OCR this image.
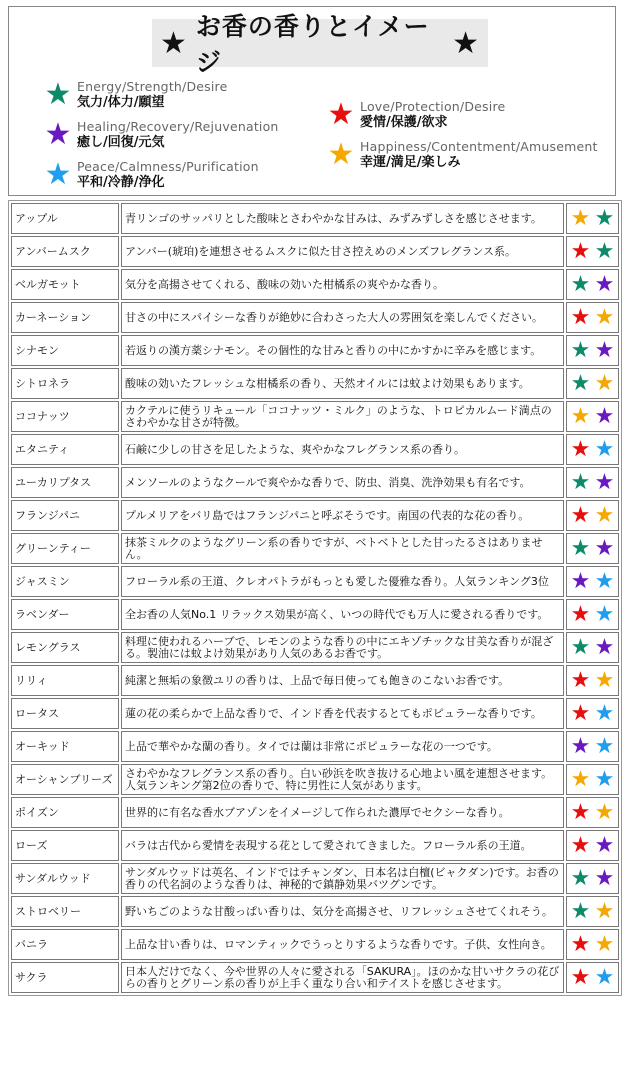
★ お香の香りとイメージ
★
★ Energy/Strength/Desire
気力/体力/願望
★ Healing/Recovery/Rejuvenation
癒し/回復/元気
★ Peace/Calmness/Purification
平和/冷静/浄化
★ Love/Protection/Desire
愛情/保護/欲求
★ Happiness/Contentment/Amusement
幸運/満足/楽しみ
アップル	青リンゴのサッパリとした酸味とさわやかな甘みは、みずみずしさを感じさせます。	★ ★
アンバームスク	アンバー(琥珀)を連想させるムスクに似た甘さ控えめのメンズフレグランス系。	★ ★
ベルガモット	気分を高揚させてくれる、酸味の効いた柑橘系の爽やかな香り。	★ ★
カーネーション	甘さの中にスパイシーな香りが絶妙に合わさった大人の雰囲気を楽しんでください。	★ ★
シナモン	若返りの漢方薬シナモン。その個性的な甘みと香りの中にかすかに辛みを感じます。	★ ★
シトロネラ	酸味の効いたフレッシュな柑橘系の香り、天然オイルには蚊よけ効果もあります。	★ ★
ココナッツ	カクテルに使うリキュール「ココナッツ・ミルク」のような、トロピカルムード満点のさわやかな甘さが特徴。	★ ★
エタニティ	石鹸に少しの甘さを足したような、爽やかなフレグランス系の香り。	★ ★
ユーカリプタス	メンソールのようなクールで爽やかな香りで、防虫、消臭、洗浄効果も有名です。	★ ★
フランジパニ	プルメリアをバリ島ではフランジパニと呼ぶそうです。南国の代表的な花の香り。	★ ★
グリーンティー	抹茶ミルクのようなグリーン系の香りですが、ベトベトとした甘ったるさはありません。	★ ★
ジャスミン	フローラル系の王道、クレオパトラがもっとも愛した優雅な香り。人気ランキング3位	★ ★
ラベンダー	全お香の人気No.1 リラックス効果が高く、いつの時代でも万人に愛される香りです。	★ ★
レモングラス	料理に使われるハーブで、レモンのような香りの中にエキゾチックな甘美な香りが混ざる。製油には蚊よけ効果があり人気のあるお香です。	★ ★
リリィ	純潔と無垢の象徴ユリの香りは、上品で毎日使っても飽きのこないお香です。	★ ★
ロータス	蓮の花の柔らかで上品な香りで、インド香を代表するとてもポピュラーな香りです。	★ ★
オーキッド	上品で華やかな蘭の香り。タイでは蘭は非常にポピュラーな花の一つです。	★ ★
オーシャンブリーズ	さわやかなフレグランス系の香り。白い砂浜を吹き抜ける心地よい風を連想させます。人気ランキング第2位の香りで、特に男性に人気があります。	★ ★
ポイズン	世界的に有名な香水ブアゾンをイメージして作られた濃厚でセクシーな香り。	★ ★
ローズ	バラは古代から愛情を表現する花として愛されてきました。フローラル系の王道。	★ ★
サンダルウッド	サンダルウッドは英名、インドではチャンダン、日本名は白檀(ビャクダン)です。お香の香りの代名詞のような香りは、神秘的で鎮静効果バツグンです。	★ ★
ストロベリー	野いちごのような甘酸っぱい香りは、気分を高揚させ、リフレッシュさせてくれそう。	★ ★
バニラ	上品な甘い香りは、ロマンティックでうっとりするような香りです。子供、女性向き。	★ ★
サクラ	日本人だけでなく、今や世界の人々に愛される「SAKURA」。ほのかな甘いサクラの花びらの香りとグリーン系の香りが上手く重なり合い和テイストを感じさせます。	★ ★
